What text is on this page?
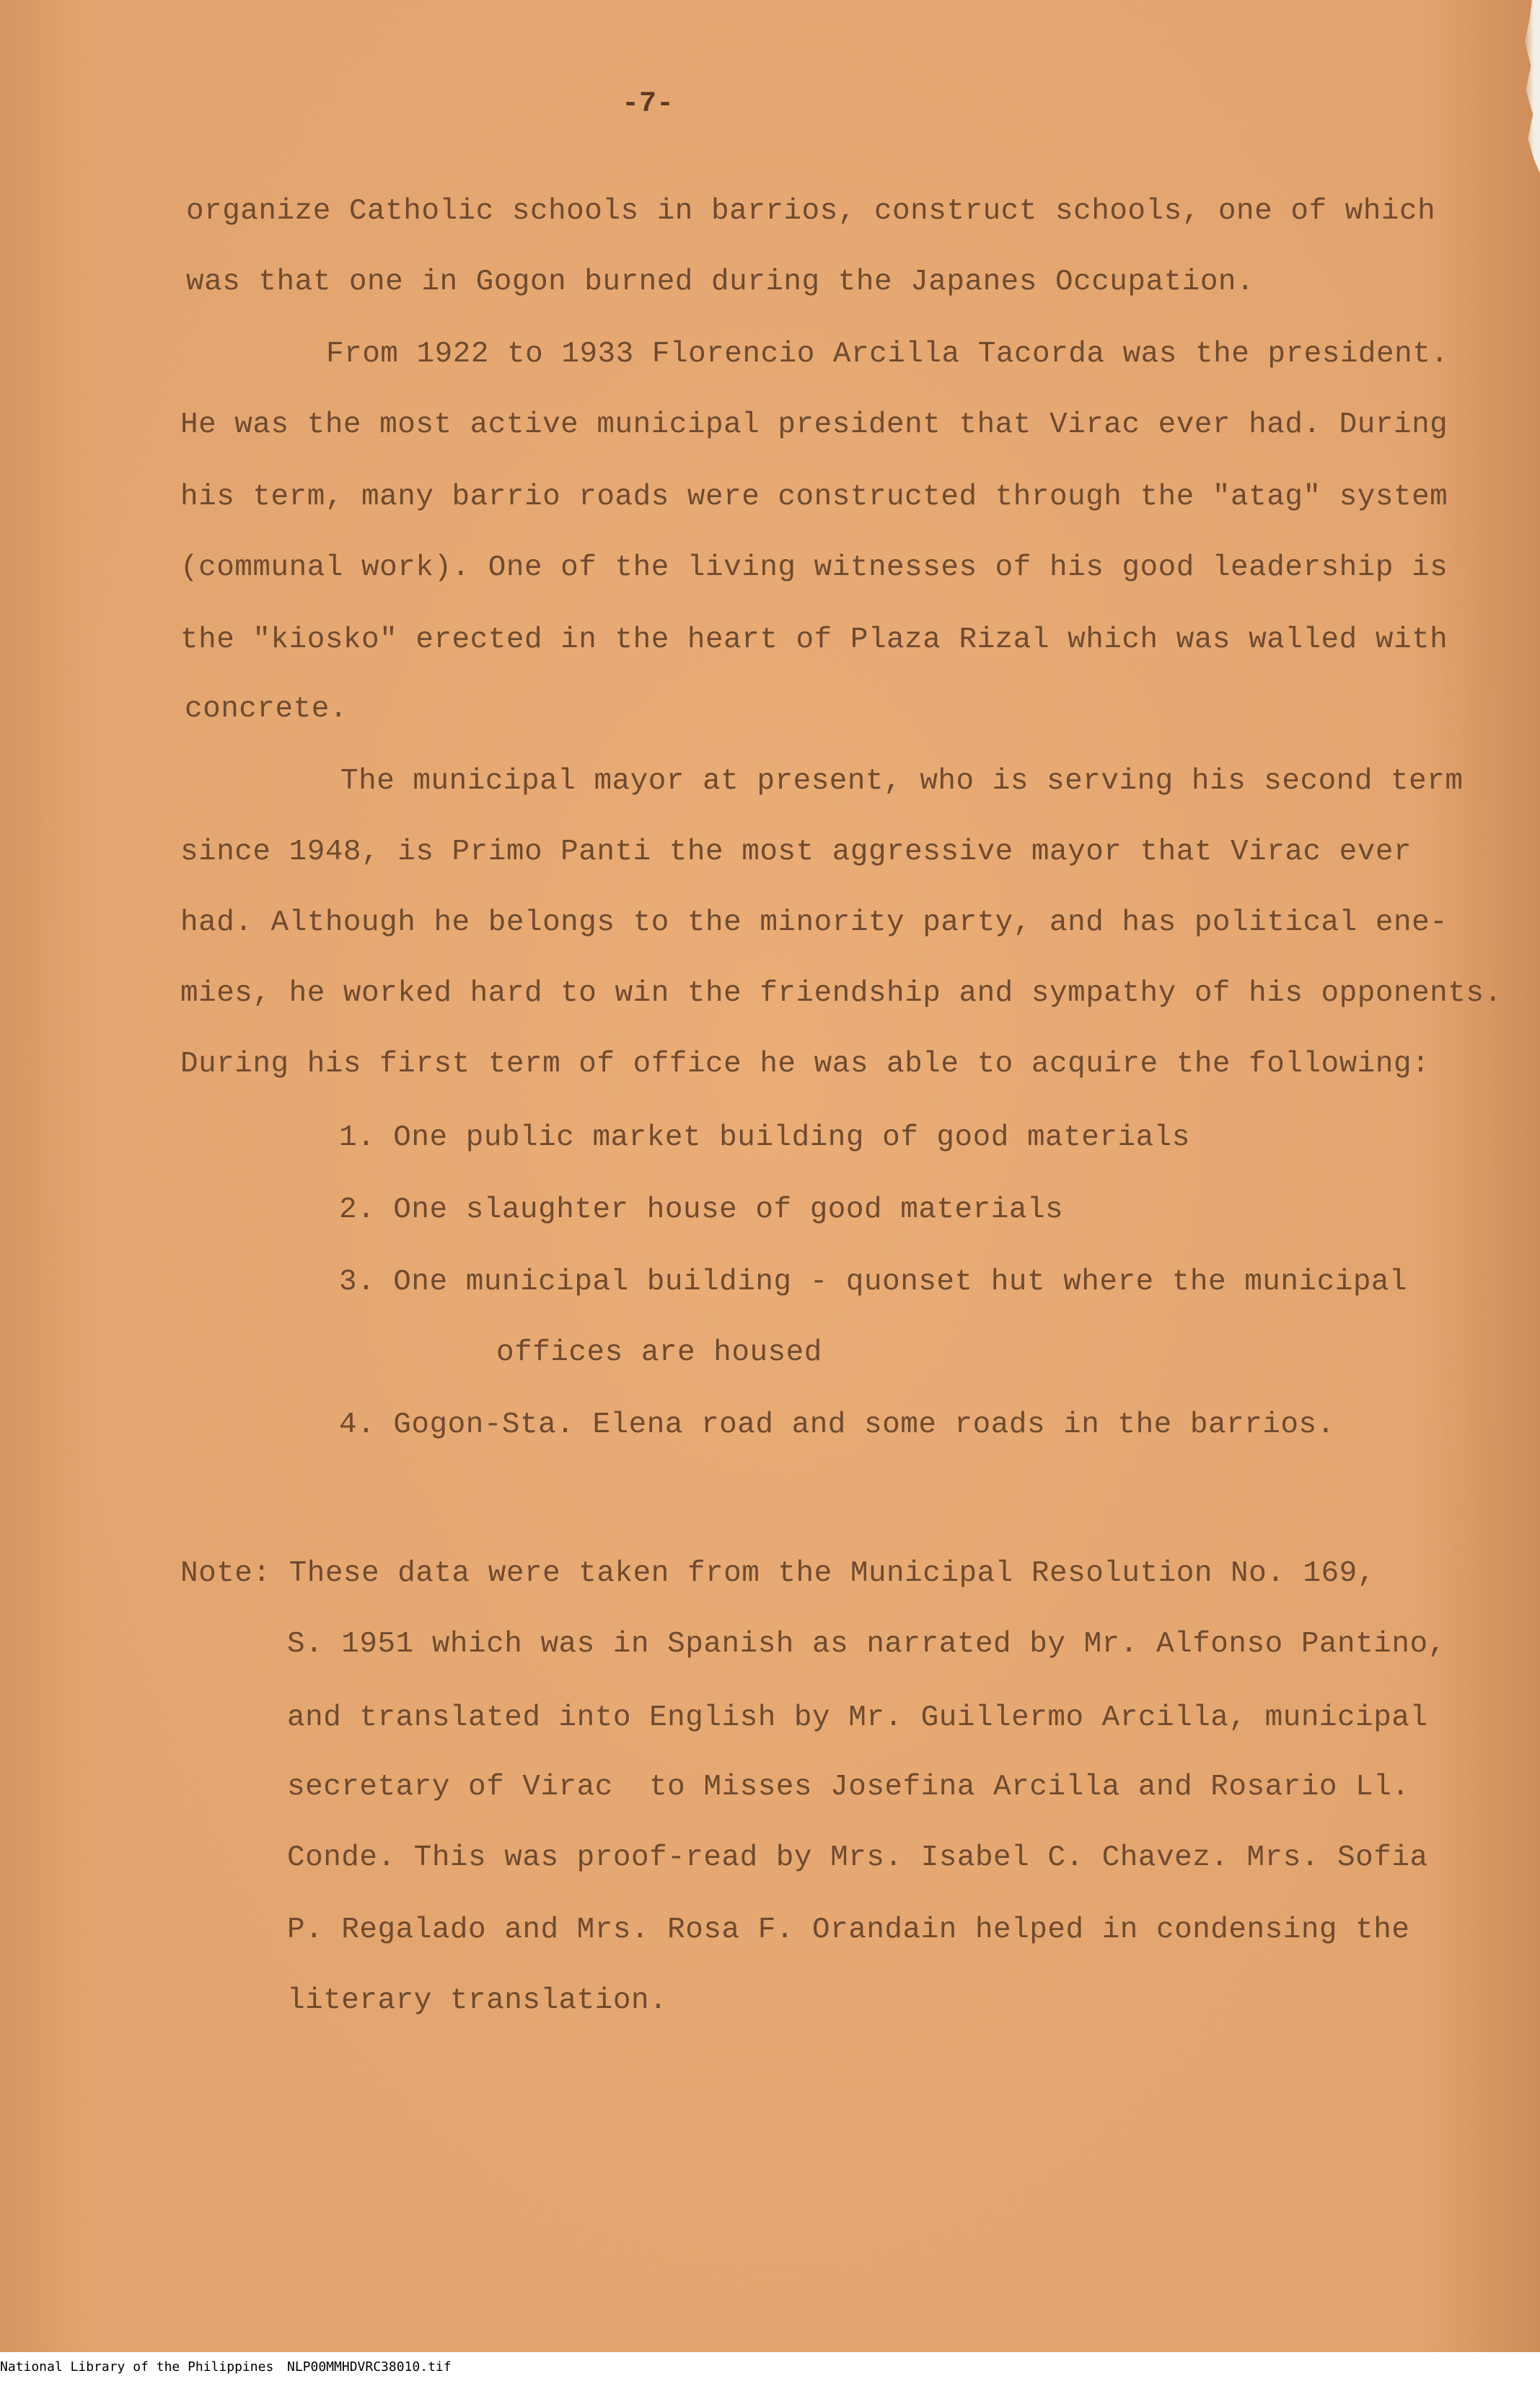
-7-
organize Catholic schools in barrios, construct schools, one of which
was that one in Gogon burned during the Japanes Occupation.
From 1922 to 1933 Florencio Arcilla Tacorda was the president.
He was the most active municipal president that Virac ever had. During
his term, many barrio roads were constructed through the "atag" system
(communal work). One of the living witnesses of his good leadership is
the "kiosko" erected in the heart of Plaza Rizal which was walled with
concrete.
The municipal mayor at present, who is serving his second term
since 1948, is Primo Panti the most aggressive mayor that Virac ever
had. Although he belongs to the minority party, and has political ene-
mies, he worked hard to win the friendship and sympathy of his opponents.
During his first term of office he was able to acquire the following:
1. One public market building of good materials
2. One slaughter house of good materials
3. One municipal building - quonset hut where the municipal
offices are housed
4. Gogon-Sta. Elena road and some roads in the barrios.
Note: These data were taken from the Municipal Resolution No. 169,
S. 1951 which was in Spanish as narrated by Mr. Alfonso Pantino,
and translated into English by Mr. Guillermo Arcilla, municipal
secretary of Virac  to Misses Josefina Arcilla and Rosario Ll.
Conde. This was proof-read by Mrs. Isabel C. Chavez. Mrs. Sofia
P. Regalado and Mrs. Rosa F. Orandain helped in condensing the
literary translation.
National Library of the Philippines NLP00MMHDVRC38010.tif
